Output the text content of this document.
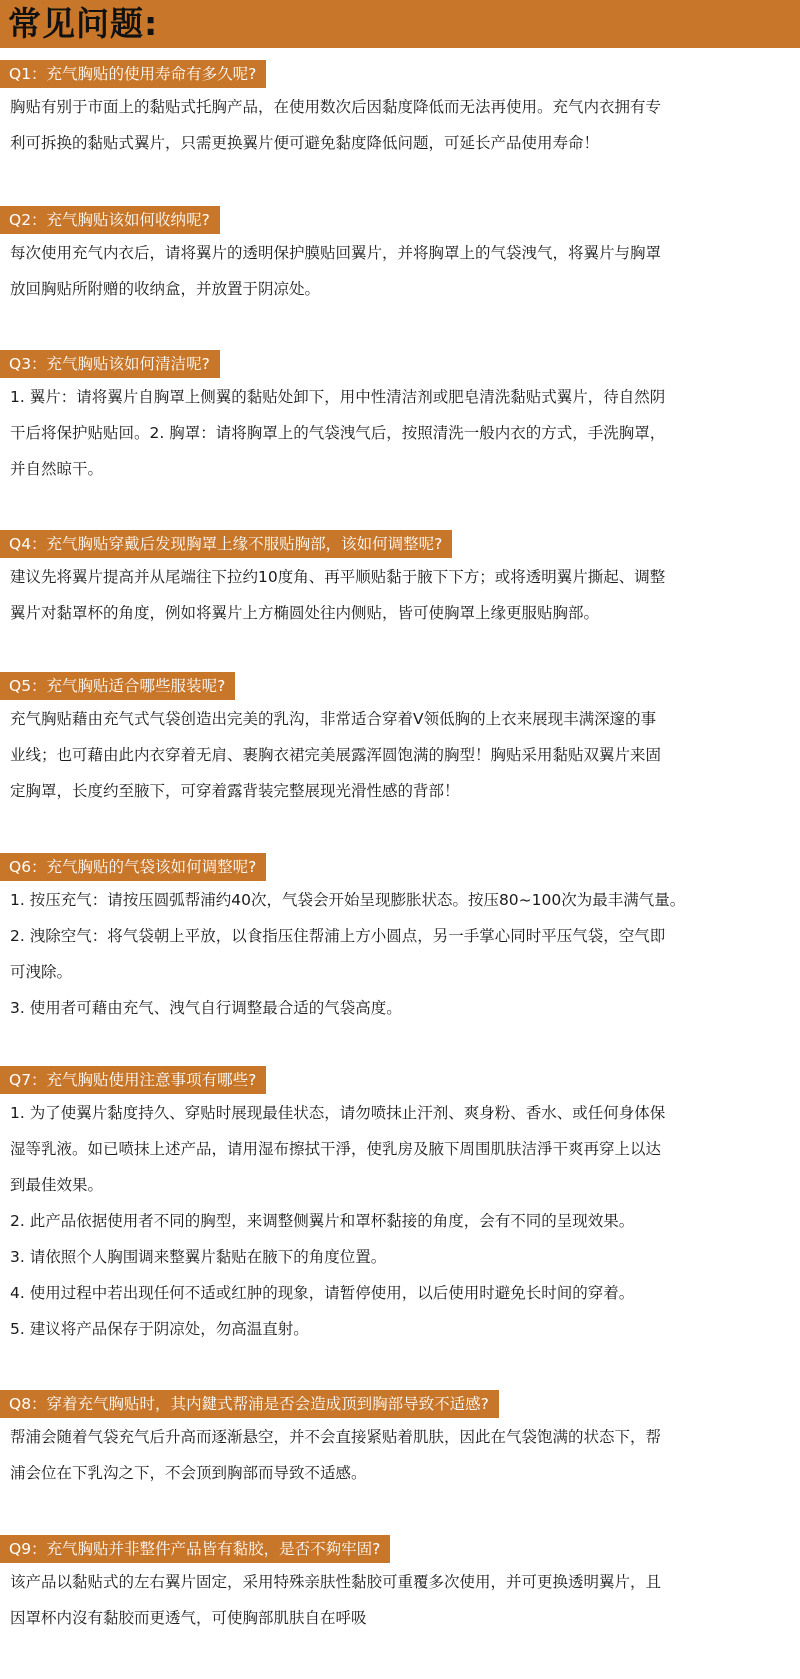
常见问题:
Q1：充气胸贴的使用寿命有多久呢?
胸贴有别于市面上的黏贴式托胸产品，在使用数次后因黏度降低而无法再使用。充气内衣拥有专
利可拆换的黏贴式翼片，只需更换翼片便可避免黏度降低问题，可延长产品使用寿命！
Q2：充气胸贴该如何收纳呢?
每次使用充气内衣后，请将翼片的透明保护膜贴回翼片，并将胸罩上的气袋洩气，将翼片与胸罩
放回胸贴所附赠的收纳盒，并放置于阴凉处。
Q3：充气胸贴该如何清洁呢?
1. 翼片：请将翼片自胸罩上侧翼的黏贴处卸下，用中性清洁剂或肥皂清洗黏贴式翼片，待自然阴
干后将保护贴贴回。2. 胸罩：请将胸罩上的气袋洩气后，按照清洗一般内衣的方式，手洗胸罩，
并自然晾干。
Q4：充气胸贴穿戴后发现胸罩上缘不服贴胸部，该如何调整呢?
建议先将翼片提高并从尾端往下拉约10度角、再平顺贴黏于腋下下方；或将透明翼片撕起、调整
翼片对黏罩杯的角度，例如将翼片上方椭圆处往内侧贴，皆可使胸罩上缘更服贴胸部。
Q5：充气胸贴适合哪些服装呢?
充气胸贴藉由充气式气袋创造出完美的乳沟，非常适合穿着V领低胸的上衣来展现丰满深邃的事
业线；也可藉由此内衣穿着无肩、裹胸衣裙完美展露浑圆饱满的胸型！胸贴采用黏贴双翼片来固
定胸罩，长度约至腋下，可穿着露背装完整展现光滑性感的背部！
Q6：充气胸贴的气袋该如何调整呢?
1. 按压充气：请按压圆弧帮浦约40次，气袋会开始呈现膨胀状态。按压80~100次为最丰满气量。
2. 洩除空气：将气袋朝上平放，以食指压住帮浦上方小圆点，另一手掌心同时平压气袋，空气即
可洩除。
3. 使用者可藉由充气、洩气自行调整最合适的气袋高度。
Q7：充气胸贴使用注意事项有哪些?
1. 为了使翼片黏度持久、穿贴时展现最佳状态，请勿喷抹止汗剂、爽身粉、香水、或任何身体保
湿等乳液。如已喷抹上述产品，请用湿布擦拭干淨，使乳房及腋下周围肌肤洁淨干爽再穿上以达
到最佳效果。
2. 此产品依据使用者不同的胸型，来调整侧翼片和罩杯黏接的角度，会有不同的呈现效果。
3. 请依照个人胸围调来整翼片黏贴在腋下的角度位置。
4. 使用过程中若出现任何不适或红肿的现象，请暂停使用，以后使用时避免长时间的穿着。
5. 建议将产品保存于阴凉处，勿高温直射。
Q8：穿着充气胸贴时，其内鍵式帮浦是否会造成顶到胸部导致不适感?
帮浦会随着气袋充气后升高而逐渐悬空，并不会直接紧贴着肌肤，因此在气袋饱满的状态下，帮
浦会位在下乳沟之下，不会顶到胸部而导致不适感。
Q9：充气胸贴并非整件产品皆有黏胶，是否不夠牢固?
该产品以黏贴式的左右翼片固定，采用特殊亲肤性黏胶可重覆多次使用，并可更换透明翼片，且
因罩杯内沒有黏胶而更透气，可使胸部肌肤自在呼吸
